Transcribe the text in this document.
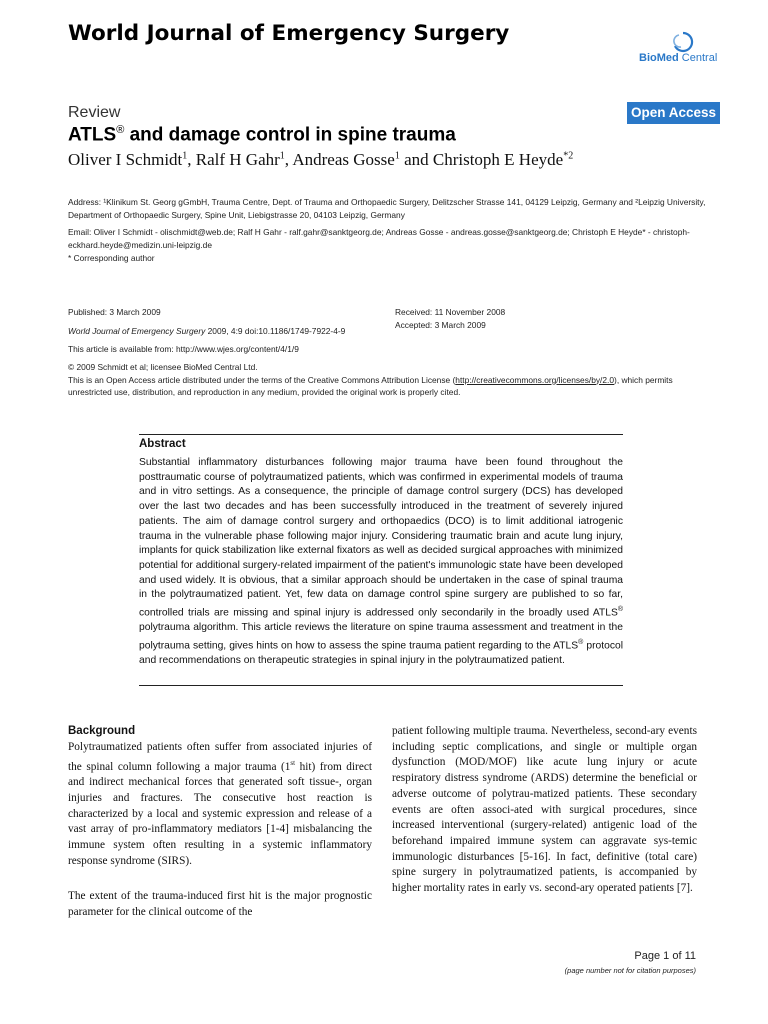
World Journal of Emergency Surgery
BioMed Central
Review	Open Access
ATLS® and damage control in spine trauma
Oliver I Schmidt$^1$, Ralf H Gahr$^1$, Andreas Gosse$^1$ and Christoph E Heyde$^{*2}$
Address: ¹Klinikum St. Georg gGmbH, Trauma Centre, Dept. of Trauma and Orthopaedic Surgery, Delitzscher Strasse 141, 04129 Leipzig, Germany and ²Leipzig University, Department of Orthopaedic Surgery, Spine Unit, Liebigstrasse 20, 04103 Leipzig, Germany
Email: Oliver I Schmidt - olischmidt@web.de; Ralf H Gahr - ralf.gahr@sanktgeorg.de; Andreas Gosse - andreas.gosse@sanktgeorg.de; Christoph E Heyde* - christoph-eckhard.heyde@medizin.uni-leipzig.de
* Corresponding author
Published: 3 March 2009
World Journal of Emergency Surgery 2009, 4:9 doi:10.1186/1749-7922-4-9
This article is available from: http://www.wjes.org/content/4/1/9
Received: 11 November 2008
Accepted: 3 March 2009
© 2009 Schmidt et al; licensee BioMed Central Ltd.
This is an Open Access article distributed under the terms of the Creative Commons Attribution License (http://creativecommons.org/licenses/by/2.0), which permits unrestricted use, distribution, and reproduction in any medium, provided the original work is properly cited.
Abstract
Substantial inflammatory disturbances following major trauma have been found throughout the posttraumatic course of polytraumatized patients, which was confirmed in experimental models of trauma and in vitro settings. As a consequence, the principle of damage control surgery (DCS) has developed over the last two decades and has been successfully introduced in the treatment of severely injured patients. The aim of damage control surgery and orthopaedics (DCO) is to limit additional iatrogenic trauma in the vulnerable phase following major injury. Considering traumatic brain and acute lung injury, implants for quick stabilization like external fixators as well as decided surgical approaches with minimized potential for additional surgery-related impairment of the patient's immunologic state have been developed and used widely. It is obvious, that a similar approach should be undertaken in the case of spinal trauma in the polytraumatized patient. Yet, few data on damage control spine surgery are published to so far, controlled trials are missing and spinal injury is addressed only secondarily in the broadly used ATLS® polytrauma algorithm. This article reviews the literature on spine trauma assessment and treatment in the polytrauma setting, gives hints on how to assess the spine trauma patient regarding to the ATLS® protocol and recommendations on therapeutic strategies in spinal injury in the polytraumatized patient.
Background
Polytraumatized patients often suffer from associated injuries of the spinal column following a major trauma (1st hit) from direct and indirect mechanical forces that generated soft tissue-, organ injuries and fractures. The consecutive host reaction is characterized by a local and systemic expression and release of a vast array of pro-inflammatory mediators [1-4] misbalancing the immune system often resulting in a systemic inflammatory response syndrome (SIRS).
The extent of the trauma-induced first hit is the major prognostic parameter for the clinical outcome of the
patient following multiple trauma. Nevertheless, second-ary events including septic complications, and single or multiple organ dysfunction (MOD/MOF) like acute lung injury or acute respiratory distress syndrome (ARDS) determine the beneficial or adverse outcome of polytrau-matized patients. These secondary events are often associ-ated with surgical procedures, since increased interventional (surgery-related) antigenic load of the beforehand impaired immune system can aggravate sys-temic immunologic disturbances [5-16]. In fact, definitive (total care) spine surgery in polytraumatized patients, is accompanied by higher mortality rates in early vs. second-ary operated patients [7].
Page 1 of 11
(page number not for citation purposes)
